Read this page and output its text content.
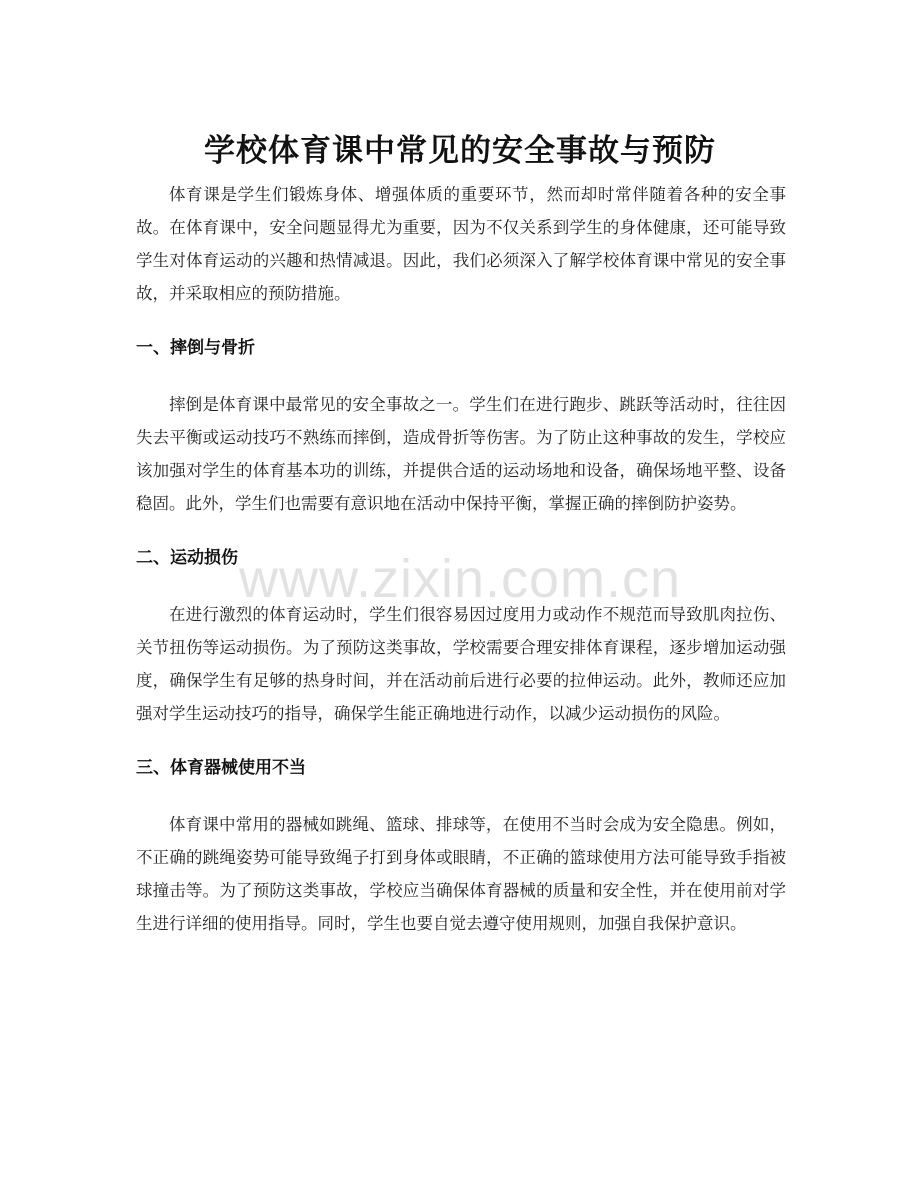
学校体育课中常见的安全事故与预防

体育课是学生们锻炼身体、增强体质的重要环节，然而却时常伴随着各种的安全事故。在体育课中，安全问题显得尤为重要，因为不仅关系到学生的身体健康，还可能导致学生对体育运动的兴趣和热情减退。因此，我们必须深入了解学校体育课中常见的安全事故，并采取相应的预防措施。

一、摔倒与骨折

摔倒是体育课中最常见的安全事故之一。学生们在进行跑步、跳跃等活动时，往往因失去平衡或运动技巧不熟练而摔倒，造成骨折等伤害。为了防止这种事故的发生，学校应该加强对学生的体育基本功的训练，并提供合适的运动场地和设备，确保场地平整、设备稳固。此外，学生们也需要有意识地在活动中保持平衡，掌握正确的摔倒防护姿势。

二、运动损伤

在进行激烈的体育运动时，学生们很容易因过度用力或动作不规范而导致肌肉拉伤、关节扭伤等运动损伤。为了预防这类事故，学校需要合理安排体育课程，逐步增加运动强度，确保学生有足够的热身时间，并在活动前后进行必要的拉伸运动。此外，教师还应加强对学生运动技巧的指导，确保学生能正确地进行动作，以减少运动损伤的风险。

三、体育器械使用不当

体育课中常用的器械如跳绳、篮球、排球等，在使用不当时会成为安全隐患。例如，不正确的跳绳姿势可能导致绳子打到身体或眼睛，不正确的篮球使用方法可能导致手指被球撞击等。为了预防这类事故，学校应当确保体育器械的质量和安全性，并在使用前对学生进行详细的使用指导。同时，学生也要自觉去遵守使用规则，加强自我保护意识。

www.zixin.com.cn
